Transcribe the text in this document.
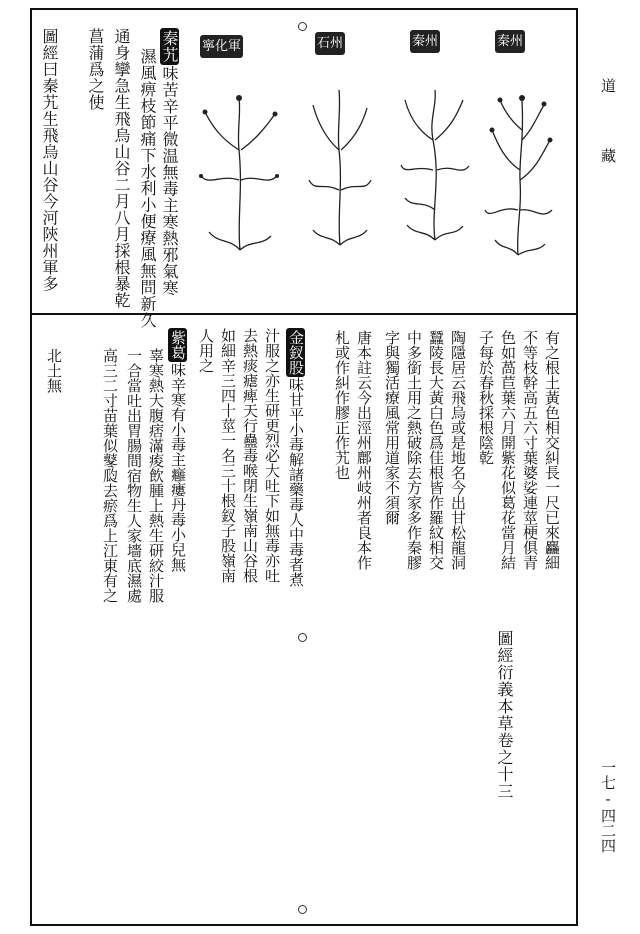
道
藏
一七-四二四
秦州
秦州
石州
寧化軍
秦艽味苦辛平微温無毒主寒熱邪氣寒
濕風痹枝節痛下水利小便療風無問新久
通身攣急生飛烏山谷二月八月採根暴乾
菖蒲爲之使
圖經曰秦艽生飛烏山谷今河陝州軍多
有之根土黃色相交糾長一尺已來麤細
不等枝幹高五六寸葉婆娑連莖梗俱青
色如萵苣葉六月開紫花似葛花當月結
子每於春秋採根陰乾
陶隱居云飛烏或是地名今出甘松龍洞
蠶陵長大黃白色爲佳根皆作羅紋相交
中多銜土用之熱破除去方家多作秦膠
字與獨活療風常用道家不須爾
唐本註云今出涇州鄜州岐州者良本作
札或作糾作膠正作艽也
金釵股味甘平小毒解諸藥毒人中毒者煮
汁服之亦生研更烈必大吐下如無毒亦吐
去熱痰瘧痺天行蠱毒喉閉生嶺南山谷根
如細辛三四十莖一名三十根釵子股嶺南
人用之
紫葛味辛寒有小毒主癰瘻丹毒小兒無
辜寒熱大腹痞滿痠飲腫上熱生研絞汁服
一合當吐出胃腸間宿物生人家墻底濕處
高三二寸苗葉似鼕瓝去瘀爲上江東有之
北土無
圖經衍義本草卷之十三
